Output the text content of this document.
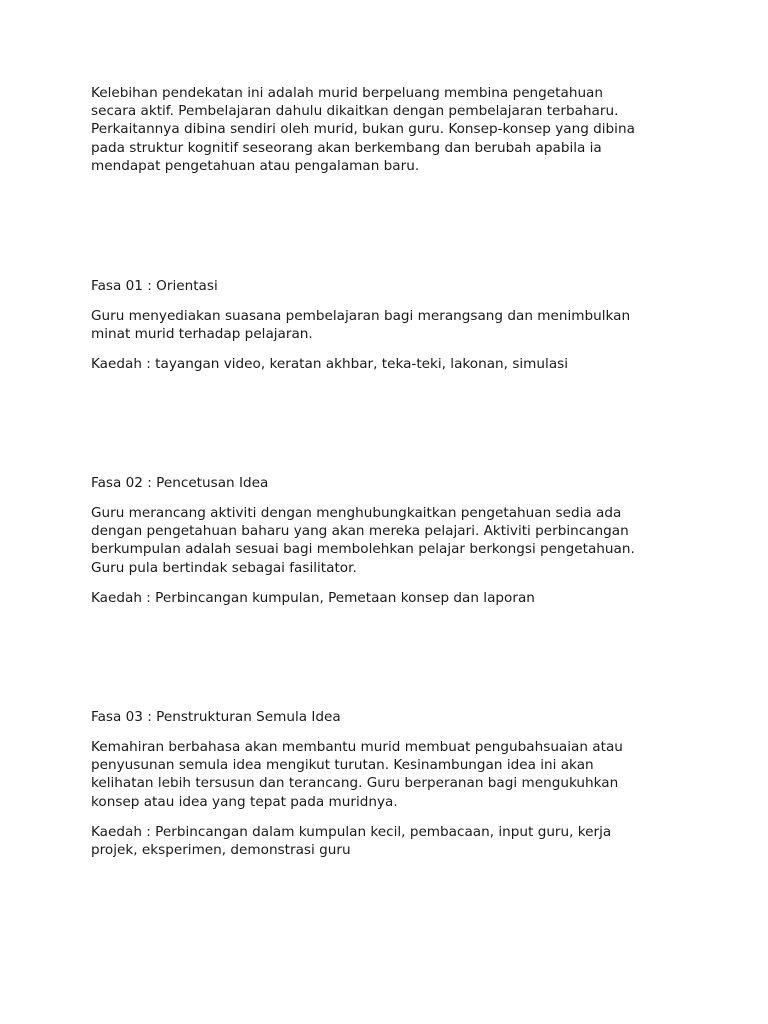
Kelebihan pendekatan ini adalah murid berpeluang membina pengetahuan
secara aktif. Pembelajaran dahulu dikaitkan dengan pembelajaran terbaharu.
Perkaitannya dibina sendiri oleh murid, bukan guru. Konsep-konsep yang dibina
pada struktur kognitif seseorang akan berkembang dan berubah apabila ia
mendapat pengetahuan atau pengalaman baru.

Fasa 01 : Orientasi

Guru menyediakan suasana pembelajaran bagi merangsang dan menimbulkan
minat murid terhadap pelajaran.

Kaedah : tayangan video, keratan akhbar, teka-teki, lakonan, simulasi

Fasa 02 : Pencetusan Idea

Guru merancang aktiviti dengan menghubungkaitkan pengetahuan sedia ada
dengan pengetahuan baharu yang akan mereka pelajari. Aktiviti perbincangan
berkumpulan adalah sesuai bagi membolehkan pelajar berkongsi pengetahuan.
Guru pula bertindak sebagai fasilitator.

Kaedah : Perbincangan kumpulan, Pemetaan konsep dan laporan

Fasa 03 : Penstrukturan Semula Idea

Kemahiran berbahasa akan membantu murid membuat pengubahsuaian atau
penyusunan semula idea mengikut turutan. Kesinambungan idea ini akan
kelihatan lebih tersusun dan terancang. Guru berperanan bagi mengukuhkan
konsep atau idea yang tepat pada muridnya.

Kaedah : Perbincangan dalam kumpulan kecil, pembacaan, input guru, kerja
projek, eksperimen, demonstrasi guru
